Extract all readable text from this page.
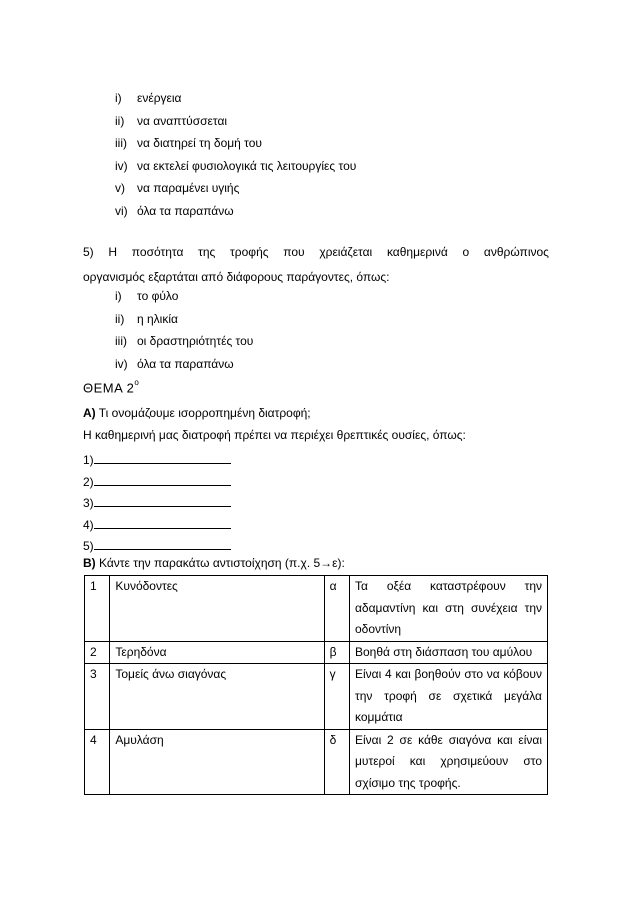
i) ενέργεια
ii) να αναπτύσσεται
iii) να διατηρεί τη δομή του
iv) να εκτελεί φυσιολογικά τις λειτουργίες του
v) να παραμένει υγιής
vi) όλα τα παραπάνω
5) Η ποσότητα της τροφής που χρειάζεται καθημερινά ο ανθρώπινος
οργανισμός εξαρτάται από διάφορους παράγοντες, όπως:
i) το φύλο
ii) η ηλικία
iii) οι δραστηριότητές του
iv) όλα τα παραπάνω
ΘΕΜΑ $2^o$
Α) Τι ονομάζουμε ισορροπημένη διατροφή;
Η καθημερινή μας διατροφή πρέπει να περιέχει θρεπτικές ουσίες, όπως:
1)
2)
3)
4)
5)
Β) Κάντε την παρακάτω αντιστοίχηση (π.χ. 5→ε):
1	Κυνόδοντες	α	Τα οξέα καταστρέφουν την αδαμαντίνη και στη συνέχεια την οδοντίνη
2	Τερηδόνα	β	Βοηθά στη διάσπαση του αμύλου
3	Τομείς άνω σιαγόνας	γ	Είναι 4 και βοηθούν στο να κόβουν την τροφή σε σχετικά μεγάλα κομμάτια
4	Αμυλάση	δ	Είναι 2 σε κάθε σιαγόνα και είναι μυτεροί και χρησιμεύουν στο σχίσιμο της τροφής.
